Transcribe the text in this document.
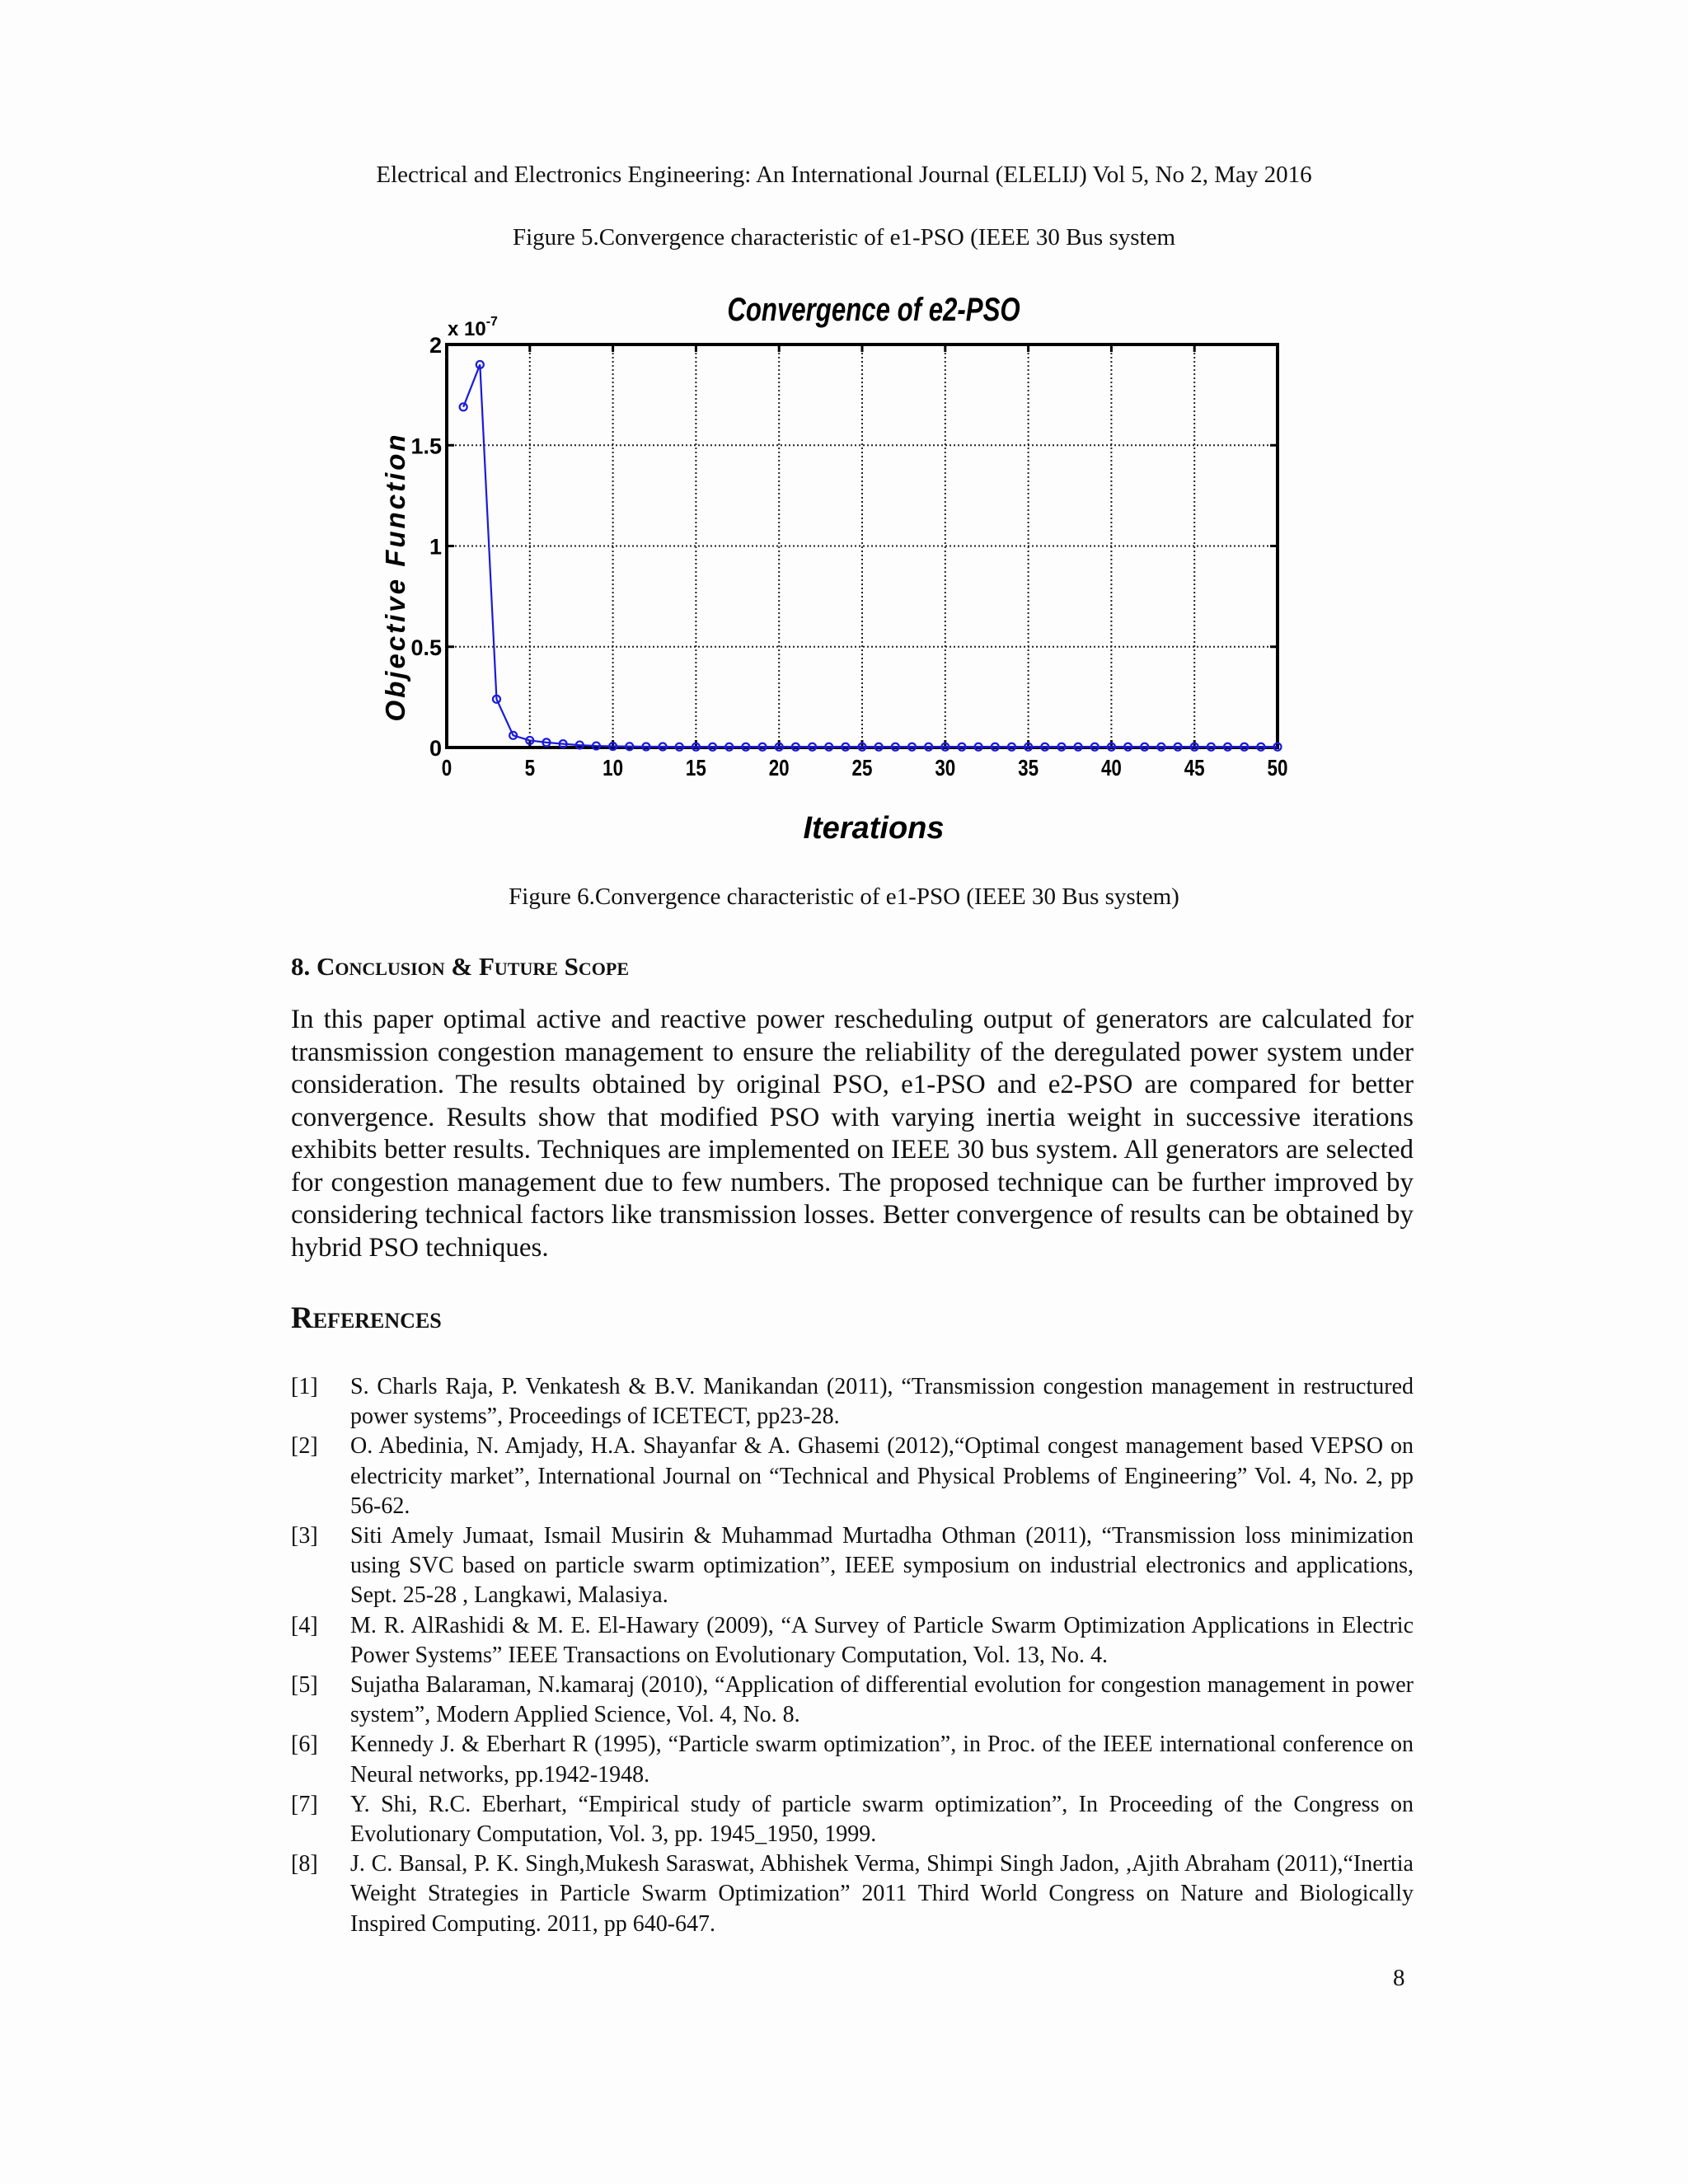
Electrical and Electronics Engineering: An International Journal (ELELIJ) Vol 5, No 2, May 2016
Figure 5.Convergence characteristic of e1-PSO (IEEE 30 Bus system
0	5	10	15	20	25	30	35	40	45	50
0
0.5
1
1.5
2
Convergence of e2-PSO
x $10^{-7}$
Iterations
Objective Function
Figure 6.Convergence characteristic of e1-PSO (IEEE 30 Bus system)
8. Conclusion & Future Scope
In this paper optimal active and reactive power rescheduling output of generators are calculated for transmission congestion management to ensure the reliability of the deregulated power system under consideration. The results obtained by original PSO, e1-PSO and e2-PSO are compared for better convergence. Results show that modified PSO with varying inertia weight in successive iterations exhibits better results. Techniques are implemented on IEEE 30 bus system. All generators are selected for congestion management due to few numbers. The proposed technique can be further improved by considering technical factors like transmission losses. Better convergence of results can be obtained by hybrid PSO techniques.
References
[1] S. Charls Raja, P. Venkatesh & B.V. Manikandan (2011), “Transmission congestion management in restructured power systems”, Proceedings of ICETECT, pp23-28.
[2] O. Abedinia, N. Amjady, H.A. Shayanfar & A. Ghasemi (2012),“Optimal congest management based VEPSO on electricity market”, International Journal on “Technical and Physical Problems of Engineering” Vol. 4, No. 2, pp 56-62.
[3] Siti Amely Jumaat, Ismail Musirin & Muhammad Murtadha Othman (2011), “Transmission loss minimization using SVC based on particle swarm optimization”, IEEE symposium on industrial electronics and applications, Sept. 25-28 , Langkawi, Malasiya.
[4] M. R. AlRashidi & M. E. El-Hawary (2009), “A Survey of Particle Swarm Optimization Applications in Electric Power Systems” IEEE Transactions on Evolutionary Computation, Vol. 13, No. 4.
[5] Sujatha Balaraman, N.kamaraj (2010), “Application of differential evolution for congestion management in power system”, Modern Applied Science, Vol. 4, No. 8.
[6] Kennedy J. & Eberhart R (1995), “Particle swarm optimization”, in Proc. of the IEEE international conference on Neural networks, pp.1942-1948.
[7] Y. Shi, R.C. Eberhart, “Empirical study of particle swarm optimization”, In Proceeding of the Congress on Evolutionary Computation, Vol. 3, pp. 1945_1950, 1999.
[8] J. C. Bansal, P. K. Singh,Mukesh Saraswat, Abhishek Verma, Shimpi Singh Jadon, ,Ajith Abraham (2011),“Inertia Weight Strategies in Particle Swarm Optimization” 2011 Third World Congress on Nature and Biologically Inspired Computing. 2011, pp 640-647.
8
